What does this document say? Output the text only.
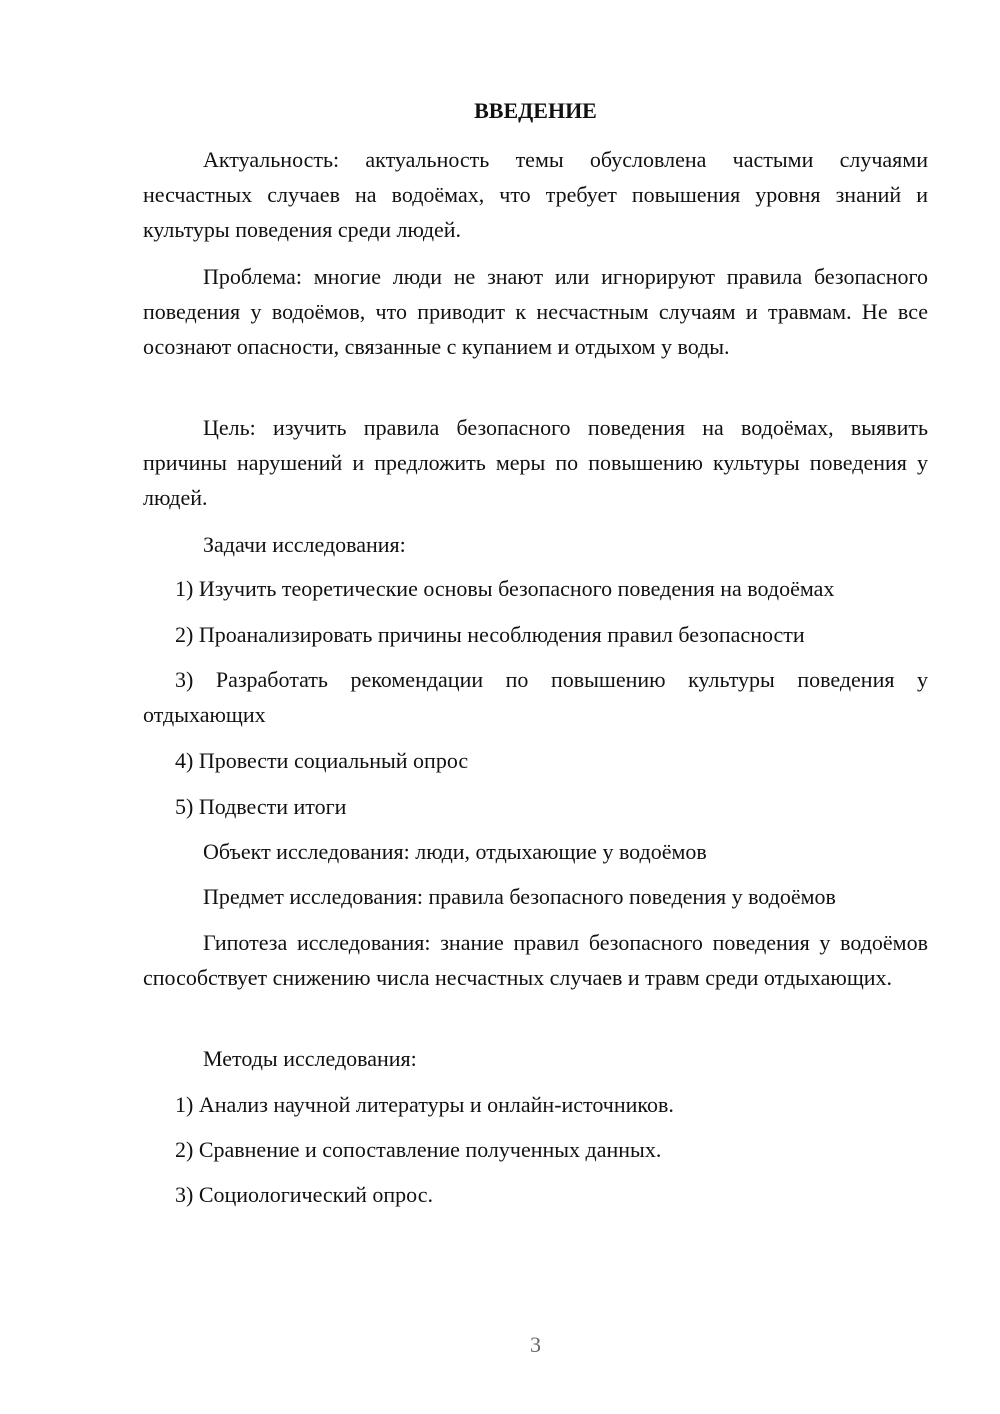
ВВЕДЕНИЕ

Актуальность: актуальность темы обусловлена частыми случаями несчастных случаев на водоёмах, что требует повышения уровня знаний и культуры поведения среди людей.

Проблема: многие люди не знают или игнорируют правила безопасного поведения у водоёмов, что приводит к несчастным случаям и травмам. Не все осознают опасности, связанные с купанием и отдыхом у воды.

Цель: изучить правила безопасного поведения на водоёмах, выявить причины нарушений и предложить меры по повышению культуры поведения у людей.

Задачи исследования:

1) Изучить теоретические основы безопасного поведения на водоёмах

2) Проанализировать причины несоблюдения правил безопасности

3) Разработать рекомендации по повышению культуры поведения у отдыхающих

4) Провести социальный опрос

5) Подвести итоги

Объект исследования: люди, отдыхающие у водоёмов

Предмет исследования: правила безопасного поведения у водоёмов

Гипотеза исследования: знание правил безопасного поведения у водоёмов способствует снижению числа несчастных случаев и травм среди отдыхающих.

Методы исследования:

1) Анализ научной литературы и онлайн-источников.

2) Сравнение и сопоставление полученных данных.

3) Социологический опрос.

3
